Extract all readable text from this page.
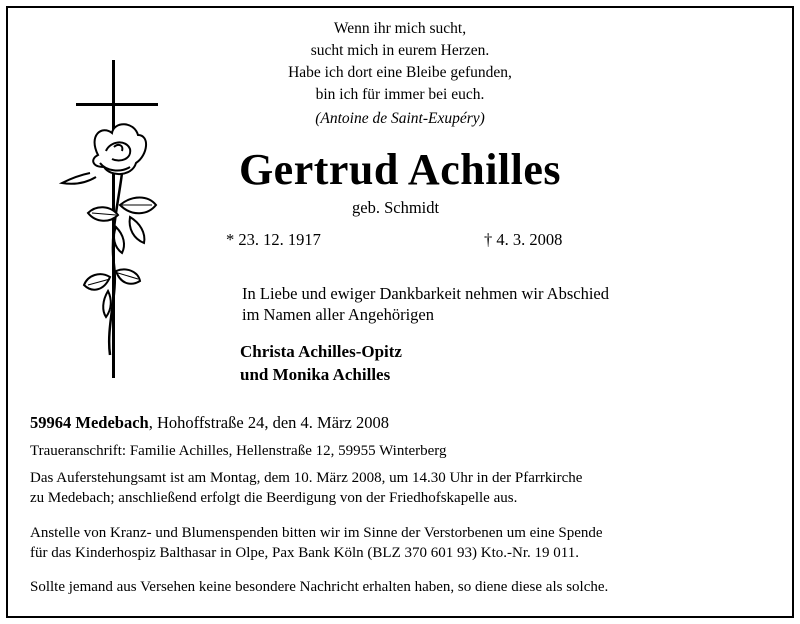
Wenn ihr mich sucht,
sucht mich in eurem Herzen.
Habe ich dort eine Bleibe gefunden,
bin ich für immer bei euch.
(Antoine de Saint-Exupéry)
Gertrud Achilles
geb. Schmidt
* 23. 12. 1917	† 4. 3. 2008
In Liebe und ewiger Dankbarkeit nehmen wir Abschied
im Namen aller Angehörigen
Christa Achilles-Opitz
und Monika Achilles
59964 Medebach, Hohoffstraße 24, den 4. März 2008
Traueranschrift: Familie Achilles, Hellenstraße 12, 59955 Winterberg
Das Auferstehungsamt ist am Montag, dem 10. März 2008, um 14.30 Uhr in der Pfarrkirche
zu Medebach; anschließend erfolgt die Beerdigung von der Friedhofskapelle aus.
Anstelle von Kranz- und Blumenspenden bitten wir im Sinne der Verstorbenen um eine Spende
für das Kinderhospiz Balthasar in Olpe, Pax Bank Köln (BLZ 370 601 93) Kto.-Nr. 19 011.
Sollte jemand aus Versehen keine besondere Nachricht erhalten haben, so diene diese als solche.
